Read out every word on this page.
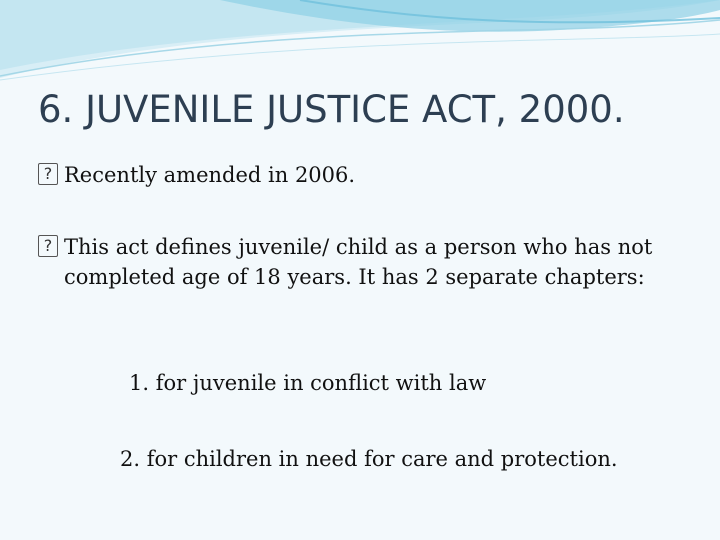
6. JUVENILE JUSTICE ACT, 2000.
? Recently amended in 2006.
? This act defines juvenile/ child as a person who has not completed age of 18 years. It has 2 separate chapters:
1. for juvenile in conflict with law
2. for children in need for care and protection.
